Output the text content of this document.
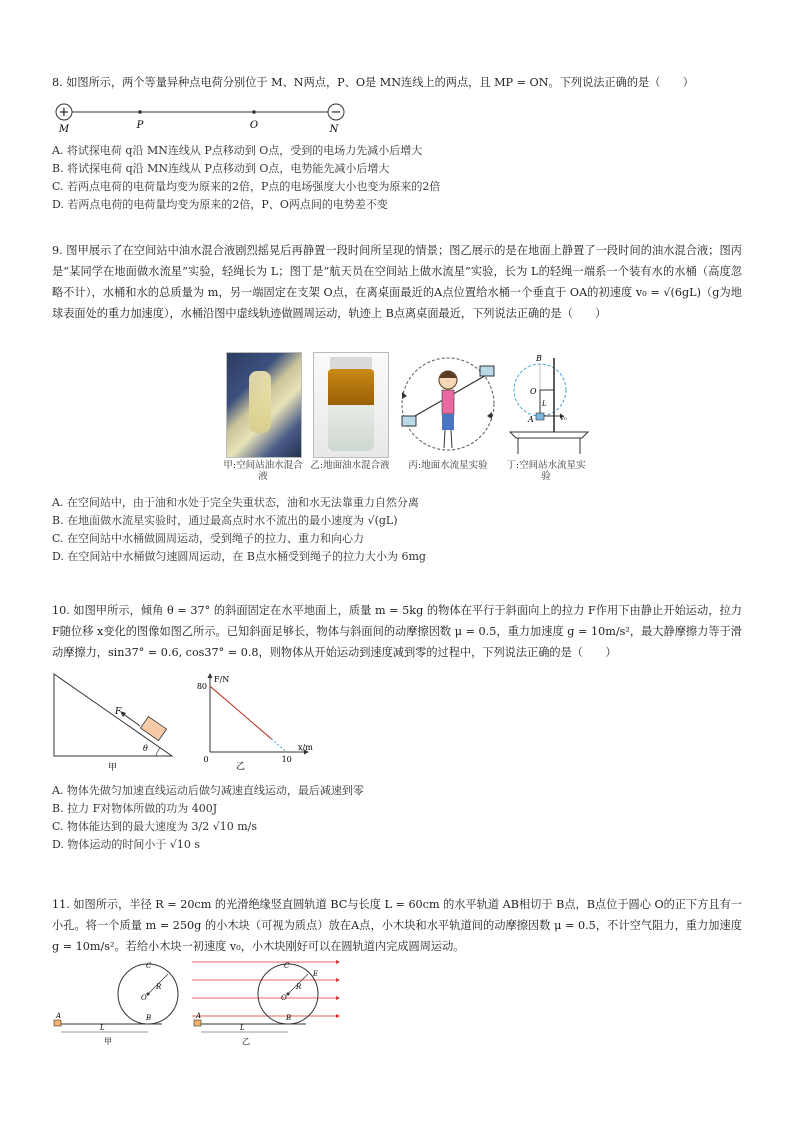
8. 如图所示，两个等量异种点电荷分别位于 M、N两点，P、O是 MN连线上的两点，且 MP = ON。下列说法正确的是（　　）

+	−
M	P	O	N

A. 将试探电荷 q沿 MN连线从 P点移动到 O点，受到的电场力先减小后增大

B. 将试探电荷 q沿 MN连线从 P点移动到 O点，电势能先减小后增大

C. 若两点电荷的电荷量均变为原来的2倍，P点的电场强度大小也变为原来的2倍

D. 若两点电荷的电荷量均变为原来的2倍，P、O两点间的电势差不变

9. 图甲展示了在空间站中油水混合液剧烈摇晃后再静置一段时间所呈现的情景；图乙展示的是在地面上静置了一段时间的油水混合液；图丙是“某同学在地面做水流星”实验，轻绳长为 L；图丁是“航天员在空间站上做水流星”实验，长为 L的轻绳一端系一个装有水的水桶（高度忽略不计），水桶和水的总质量为 m，另一端固定在支架 O点，在离桌面最近的A点位置给水桶一个垂直于 OA的初速度 v₀ = √(6gL)（g为地球表面处的重力加速度），水桶沿图中虚线轨迹做圆周运动，轨迹上 B点离桌面最近，下列说法正确的是（　　）

甲:空间站油水混合液
乙:地面油水混合液 丙:地面水流星实验
B
O
L
A	v₀
丁:空间站水流星实验

A. 在空间站中，由于油和水处于完全失重状态，油和水无法靠重力自然分离

B. 在地面做水流星实验时，通过最高点时水不流出的最小速度为 √(gL)

C. 在空间站中水桶做圆周运动，受到绳子的拉力、重力和向心力

D. 在空间站中水桶做匀速圆周运动，在 B点水桶受到绳子的拉力大小为 6mg

10. 如图甲所示，倾角 θ = 37° 的斜面固定在水平地面上，质量 m = 5kg 的物体在平行于斜面向上的拉力 F作用下由静止开始运动，拉力 F随位移 x变化的图像如图乙所示。已知斜面足够长，物体与斜面间的动摩擦因数 μ = 0.5，重力加速度 g = 10m/s²，最大静摩擦力等于滑动摩擦力，sin37° = 0.6, cos37° = 0.8，则物体从开始运动到速度减到零的过程中，下列说法正确的是（　　）

F
θ
甲
F/N
x/m
80
0	10
乙

A. 物体先做匀加速直线运动后做匀减速直线运动，最后减速到零

B. 拉力 F对物体所做的功为 400J

C. 物体能达到的最大速度为 3/2 √10 m/s

D. 物体运动的时间小于 √10 s

11. 如图所示，半径 R = 20cm 的光滑绝缘竖直圆轨道 BC与长度 L = 60cm 的水平轨道 AB相切于 B点，B点位于圆心 O的正下方且有一小孔。将一个质量 m = 250g 的小木块（可视为质点）放在A点，小木块和水平轨道间的动摩擦因数 μ = 0.5，不计空气阻力，重力加速度 g = 10m/s²。若给小木块一初速度 v₀，小木块刚好可以在圆轨道内完成圆周运动。

C
O
R
A	B
L
甲
C
E
O
R
A	B
L
乙
